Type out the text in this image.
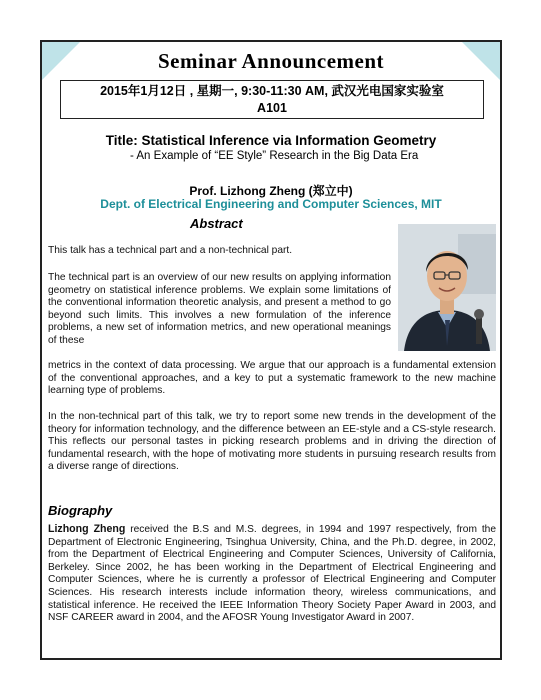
Seminar Announcement
2015年1月12日 , 星期一, 9:30-11:30 AM, 武汉光电国家实验室
A101
Title: Statistical Inference via Information Geometry
- An Example of “EE Style” Research in the Big Data Era
Prof. Lizhong Zheng (郑立中)
Dept. of Electrical Engineering and Computer Sciences, MIT
Abstract
This talk has a technical part and a non-technical part.
The technical part is an overview of our new results on applying information geometry on statistical inference problems. We explain some limitations of the conventional information theoretic analysis, and present a method to go beyond such limits. This involves a new formulation of the inference problems, a new set of information metrics, and new operational meanings of these
metrics in the context of data processing. We argue that our approach is a fundamental extension of the conventional approaches, and a key to put a systematic framework to the new machine learning type of problems.
In the non-technical part of this talk, we try to report some new trends in the development of the theory for information technology, and the difference between an EE-style and a CS-style research. This reflects our personal tastes in picking research problems and in driving the direction of fundamental research, with the hope of motivating more students in pursuing research results from a diverse range of directions.
Biography
Lizhong Zheng received the B.S and M.S. degrees, in 1994 and 1997 respectively, from the Department of Electronic Engineering, Tsinghua University, China, and the Ph.D. degree, in 2002, from the Department of Electrical Engineering and Computer Sciences, University of California, Berkeley. Since 2002, he has been working in the Department of Electrical Engineering and Computer Sciences, where he is currently a professor of Electrical Engineering and Computer Sciences. His research interests include information theory, wireless communications, and statistical inference. He received the IEEE Information Theory Society Paper Award in 2003, and NSF CAREER award in 2004, and the AFOSR Young Investigator Award in 2007.
